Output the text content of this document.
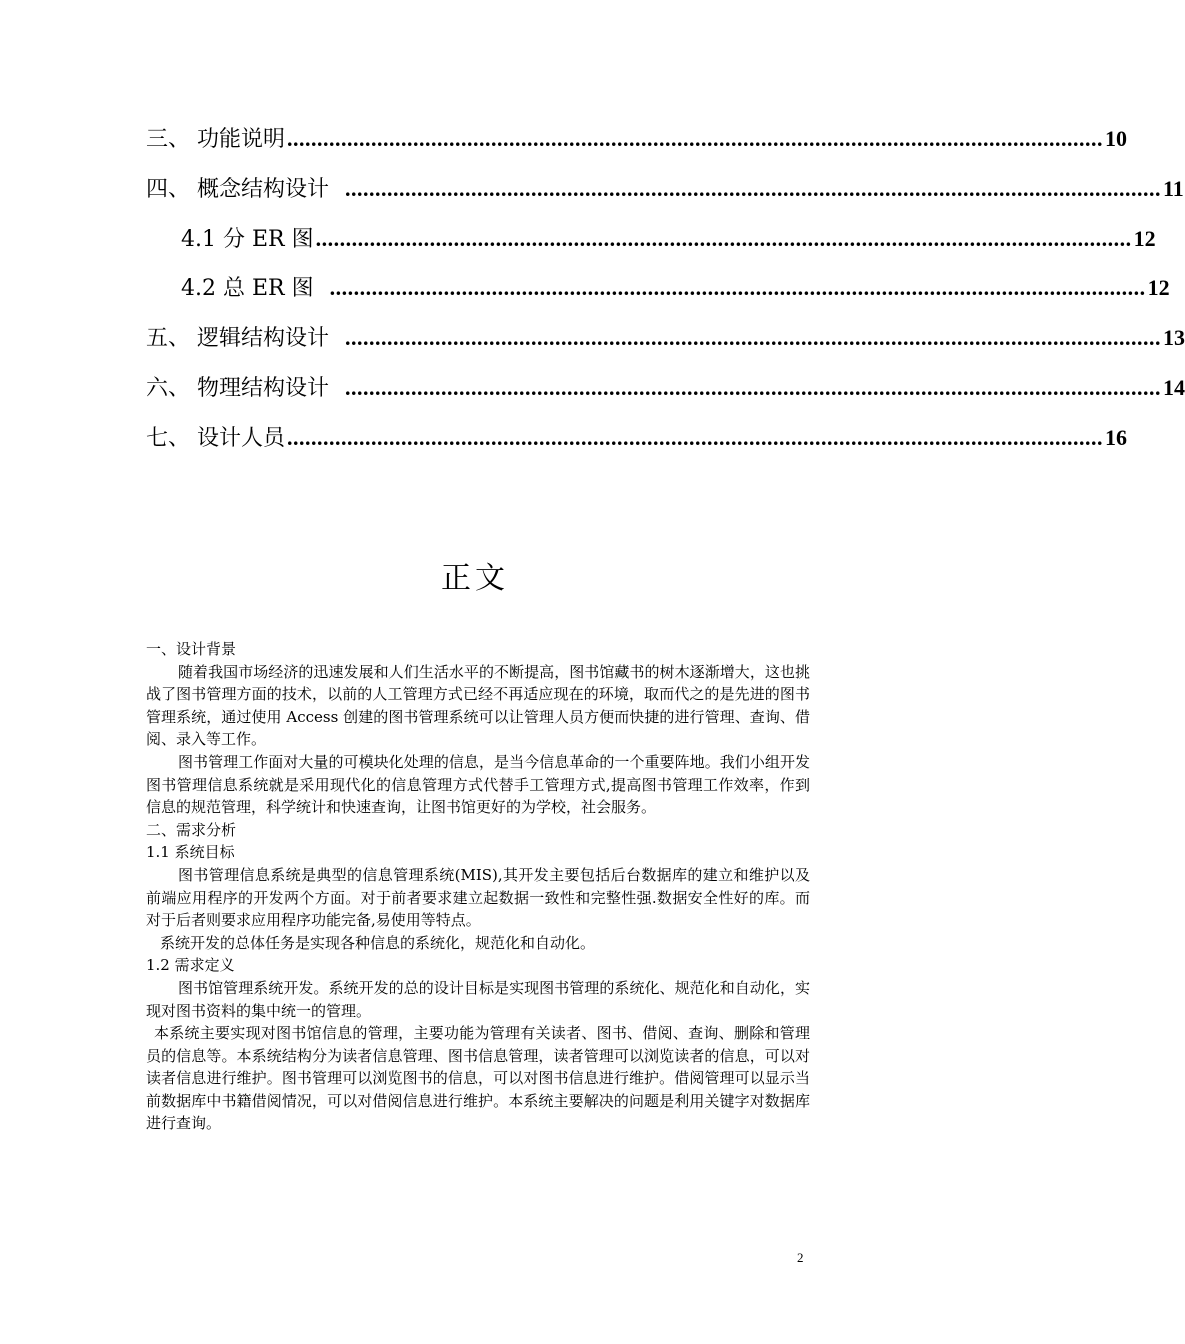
三、 功能说明 ........................................................................................................................................ 10
四、 概念结构设计 ........................................................................................................................................ 11
4.1 分 ER 图 ........................................................................................................................................ 12
4.2 总 ER 图 ........................................................................................................................................ 12
五、 逻辑结构设计 ........................................................................................................................................ 13
六、 物理结构设计 ........................................................................................................................................ 14
七、 设计人员 ........................................................................................................................................ 16
正文

一、设计背景

随着我国市场经济的迅速发展和人们生活水平的不断提高，图书馆藏书的树木逐渐增大，这也挑战了图书管理方面的技术，以前的人工管理方式已经不再适应现在的环境，取而代之的是先进的图书管理系统，通过使用 Access 创建的图书管理系统可以让管理人员方便而快捷的进行管理、查询、借阅、录入等工作。

图书管理工作面对大量的可模块化处理的信息，是当今信息革命的一个重要阵地。我们小组开发图书管理信息系统就是采用现代化的信息管理方式代替手工管理方式,提高图书管理工作效率，作到信息的规范管理，科学统计和快速查询，让图书馆更好的为学校，社会服务。

二、需求分析

1.1 系统目标

图书管理信息系统是典型的信息管理系统(MIS),其开发主要包括后台数据库的建立和维护以及前端应用程序的开发两个方面。对于前者要求建立起数据一致性和完整性强.数据安全性好的库。而对于后者则要求应用程序功能完备,易使用等特点。

系统开发的总体任务是实现各种信息的系统化，规范化和自动化。

1.2 需求定义

图书馆管理系统开发。系统开发的总的设计目标是实现图书管理的系统化、规范化和自动化，实现对图书资料的集中统一的管理。

本系统主要实现对图书馆信息的管理，主要功能为管理有关读者、图书、借阅、查询、删除和管理员的信息等。本系统结构分为读者信息管理、图书信息管理，读者管理可以浏览读者的信息，可以对读者信息进行维护。图书管理可以浏览图书的信息，可以对图书信息进行维护。借阅管理可以显示当前数据库中书籍借阅情况，可以对借阅信息进行维护。本系统主要解决的问题是利用关键字对数据库进行查询。

2
